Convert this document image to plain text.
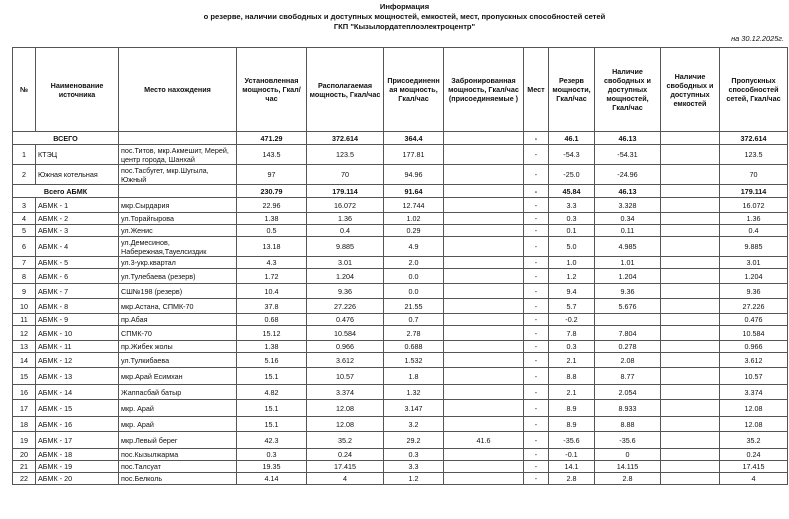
Информация
о резерве, наличии свободных и доступных мощностей, емкостей, мест, пропускных способностей сетей
ГКП "Кызылордатеплоэлектроцентр"
на 30.12.2025г.
№	Наименование источника	Место нахождения	Установленная мощность, Гкал/час	Располагаемая мощность, Гкал/час	Присоединенн ая мощность, Гкал/час	Забронированная мощность, Гкал/час (присоединяемые )	Мест	Резерв мощности, Гкал/час	Наличие свободных и доступных мощностей, Гкал/час	Наличие свободных и доступных емкостей	Пропускных способностей сетей, Гкал/час
ВСЕГО			471.29	372.614	364.4		-	46.1	46.13		372.614
1	КТЭЦ	пос.Титов, мкр.Акмешит, Мерей, центр города, Шанхай	143.5	123.5	177.81		-	-54.3	-54.31		123.5
2	Южная котельная	пос.Тасбугет, мкр.Шугыла, Южный	97	70	94.96		-	-25.0	-24.96		70
Всего АБМК			230.79	179.114	91.64		-	45.84	46.13		179.114
3	АБМК - 1	мкр.Сырдария	22.96	16.072	12.744		-	3.3	3.328		16.072
4	АБМК - 2	ул.Торайгырова	1.38	1.36	1.02		-	0.3	0.34		1.36
5	АБМК - 3	ул.Женис	0.5	0.4	0.29		-	0.1	0.11		0.4
6	АБМК - 4	ул.Демесинов, Набережная,Тауелсиздик	13.18	9.885	4.9		-	5.0	4.985		9.885
7	АБМК - 5	ул.3-укр.квартал	4.3	3.01	2.0		-	1.0	1.01		3.01
8	АБМК - 6	ул.Тулебаева (резерв)	1.72	1.204	0.0		-	1.2	1.204		1.204
9	АБМК - 7	СШ№198 (резерв)	10.4	9.36	0.0		-	9.4	9.36		9.36
10	АБМК - 8	мкр.Астана, СПМК-70	37.8	27.226	21.55		-	5.7	5.676		27.226
11	АБМК - 9	пр.Абая	0.68	0.476	0.7		-	-0.2			0.476
12	АБМК - 10	СПМК-70	15.12	10.584	2.78		-	7.8	7.804		10.584
13	АБМК - 11	пр.Жибек жолы	1.38	0.966	0.688		-	0.3	0.278		0.966
14	АБМК - 12	ул.Тулкибаева	5.16	3.612	1.532		-	2.1	2.08		3.612
15	АБМК - 13	мкр.Арай Есимхан	15.1	10.57	1.8		-	8.8	8.77		10.57
16	АБМК - 14	Жаппасбай батыр	4.82	3.374	1.32		-	2.1	2.054		3.374
17	АБМК - 15	мкр. Арай	15.1	12.08	3.147		-	8.9	8.933		12.08
18	АБМК - 16	мкр. Арай	15.1	12.08	3.2		-	8.9	8.88		12.08
19	АБМК - 17	мкр.Левый берег	42.3	35.2	29.2	41.6	-	-35.6	-35.6		35.2
20	АБМК - 18	пос.Кызылжарма	0.3	0.24	0.3		-	-0.1	0		0.24
21	АБМК - 19	пос.Талсуат	19.35	17.415	3.3		-	14.1	14.115		17.415
22	АБМК - 20	пос.Белколь	4.14	4	1.2		-	2.8	2.8		4
